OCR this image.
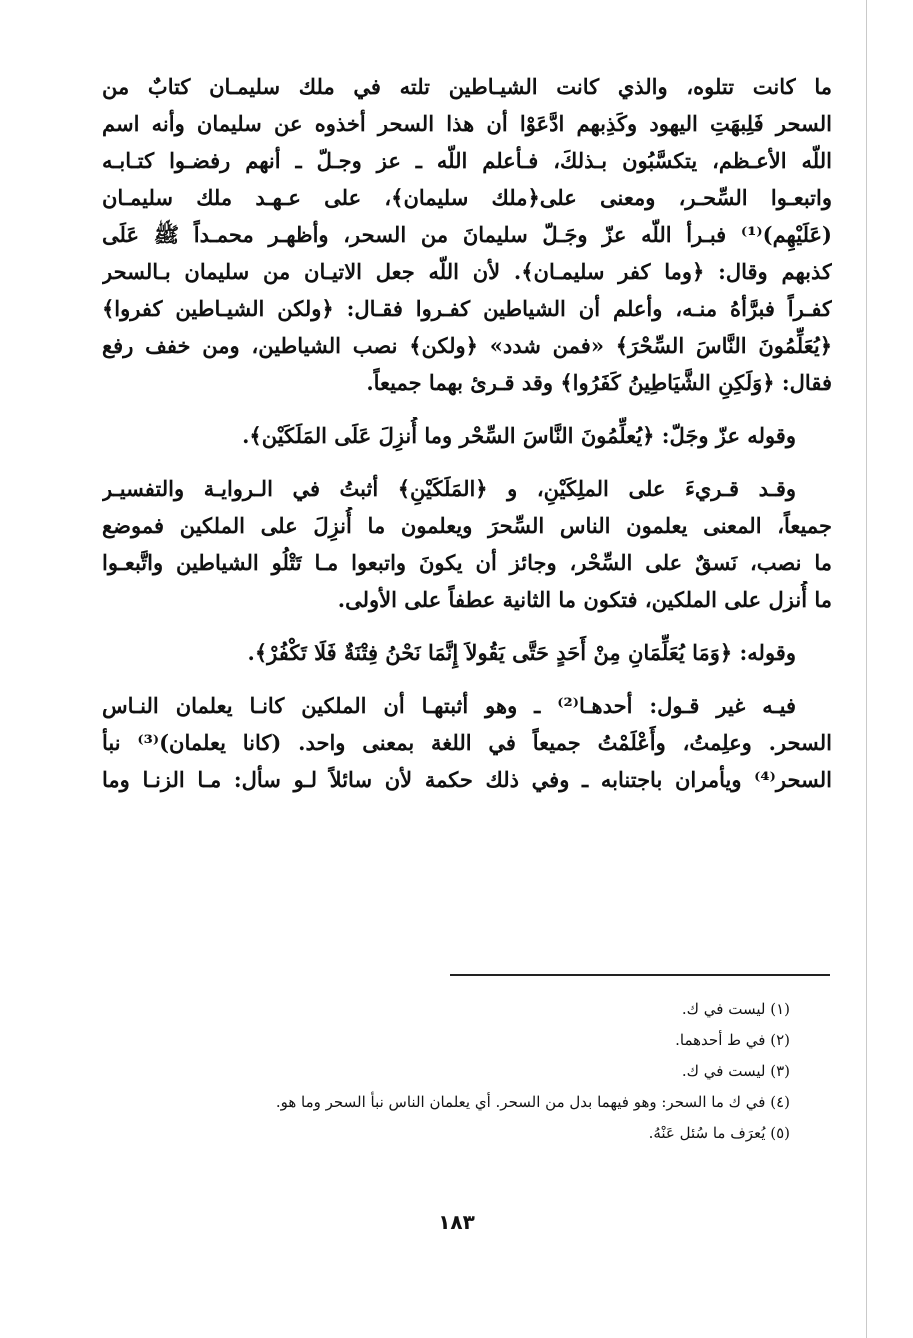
ما كانت تتلوه، والذي كانت الشيـاطين تلته في ملك سليمـان كتابٌ من
السحر فَلِبهَتِ اليهود وكَذِبهم ادَّعَوْا أن هذا السحر أخذوه عن سليمان وأنه اسم
اللّه الأعـظم، يتكسَّبُون بـذلكَ، فـأعلم اللّه ـ عز وجـلّ ـ أنهم رفضـوا كتـابـه
واتبعـوا السِّحـر، ومعنى على﴿ملك سليمان﴾، على عـهـد ملك سليمـان
(عَلَيْهِم)⁽¹⁾ فبـرأ اللّه عزّ وجَـلّ سليمانَ من السحر، وأظهـر محمـداً ﷺ عَلَى
كذبهم وقال: ﴿وما كفر سليمـان﴾. لأن اللّه جعل الاتيـان من سليمان بـالسحر
كفـراً فبرَّأهُ منـه، وأعلم أن الشياطين كفـروا فقـال: ﴿ولكن الشيـاطين كفروا﴾
﴿يُعَلِّمُونَ النَّاسَ السِّحْرَ﴾ «فمن شدد» ﴿ولكن﴾ نصب الشياطين، ومن خفف رفع
فقال: ﴿وَلَكِنِ الشَّيَاطِينُ كَفَرُوا﴾ وقد قـرئ بهما جميعاً.
وقوله عزّ وجَلّ: ﴿يُعلِّمُونَ النَّاسَ السِّحْر وما أُنزِلَ عَلَى المَلَكَيْن﴾.
وقـد قـريءَ على الملِكَيْنِ، و ﴿المَلَكَيْنِ﴾ أثبتُ في الـروايـة والتفسيـر
جميعاً، المعنى يعلمون الناس السِّحرَ ويعلمون ما أُنزِلَ على الملكين فموضع
ما نصب، نَسقٌ على السِّحْر، وجائز أن يكونَ واتبعوا مـا تَتْلُو الشياطين واتَّبعـوا
ما أُنزل على الملكين، فتكون ما الثانية عطفاً على الأولى.
وقوله: ﴿وَمَا يُعَلِّمَانِ مِنْ أَحَدٍ حَتَّى يَقُولاَ إِنَّمَا نَحْنُ فِتْنَةٌ فَلَا تَكْفُرْ﴾.
فيـه غير قـول: أحدهـا⁽²⁾ ـ وهو أثبتهـا أن الملكين كانـا يعلمان النـاس
السحر. وعلِمتُ، وأَعْلَمْتُ جميعاً في اللغة بمعنى واحد. (كانا يعلمان)⁽³⁾ نبأ
السحر⁽⁴⁾ ويأمران باجتنابه ـ وفي ذلك حكمة لأن سائلاً لـو سأل: مـا الزنـا وما
(١) ليست في ك.
(٢) في ط أحدهما.
(٣) ليست في ك.
(٤) في ك ما السحر: وهو فيهما بدل من السحر. أي يعلمان الناس نبأ السحر وما هو.
(٥) يُعرَف ما سُئل عَنْهُ.
١٨٣
